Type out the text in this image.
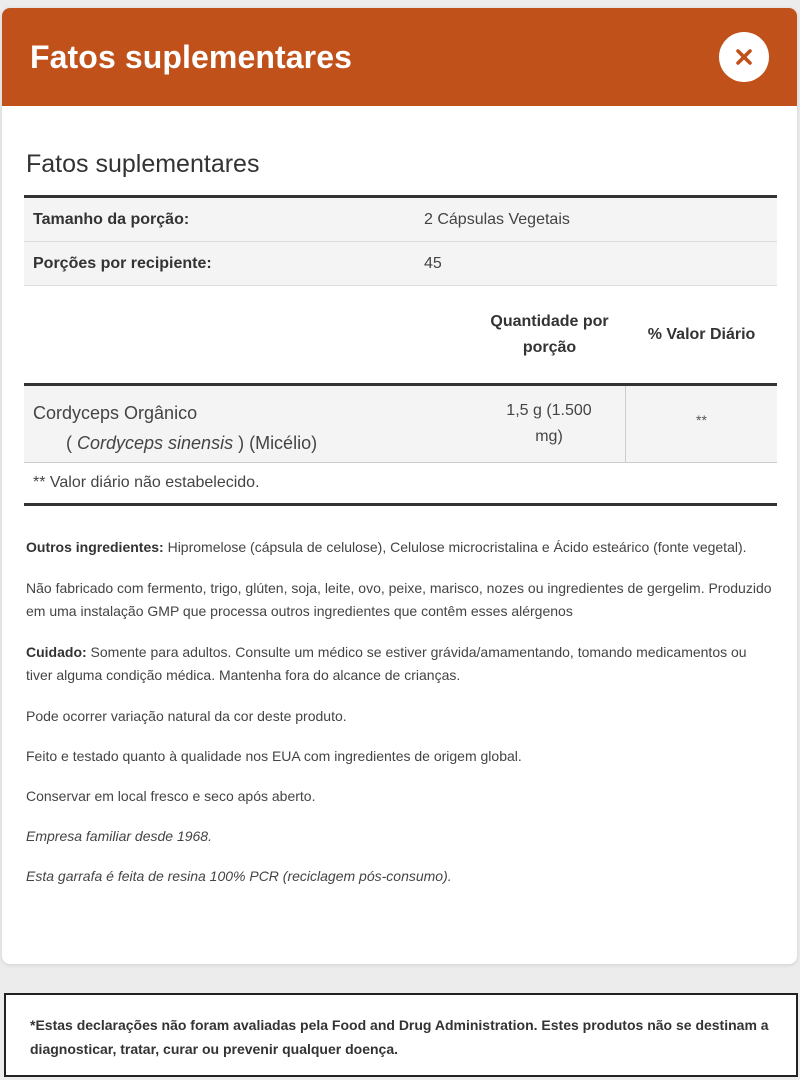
Fatos suplementares
Fatos suplementares
Tamanho da porção:	2 Cápsulas Vegetais
Porções por recipiente:	45
Quantidade por
porção
% Valor Diário
Cordyceps Orgânico
( Cordyceps sinensis ) (Micélio)
1,5 g (1.500
mg)
**
** Valor diário não estabelecido.

Outros ingredientes: Hipromelose (cápsula de celulose), Celulose microcristalina e Ácido esteárico (fonte vegetal).

Não fabricado com fermento, trigo, glúten, soja, leite, ovo, peixe, marisco, nozes ou ingredientes de gergelim. Produzido em uma instalação GMP que processa outros ingredientes que contêm esses alérgenos

Cuidado: Somente para adultos. Consulte um médico se estiver grávida/amamentando, tomando medicamentos ou tiver alguma condição médica. Mantenha fora do alcance de crianças.

Pode ocorrer variação natural da cor deste produto.

Feito e testado quanto à qualidade nos EUA com ingredientes de origem global.

Conservar em local fresco e seco após aberto.

Empresa familiar desde 1968.

Esta garrafa é feita de resina 100% PCR (reciclagem pós-consumo).

*Estas declarações não foram avaliadas pela Food and Drug Administration. Estes produtos não se destinam a diagnosticar, tratar, curar ou prevenir qualquer doença.
